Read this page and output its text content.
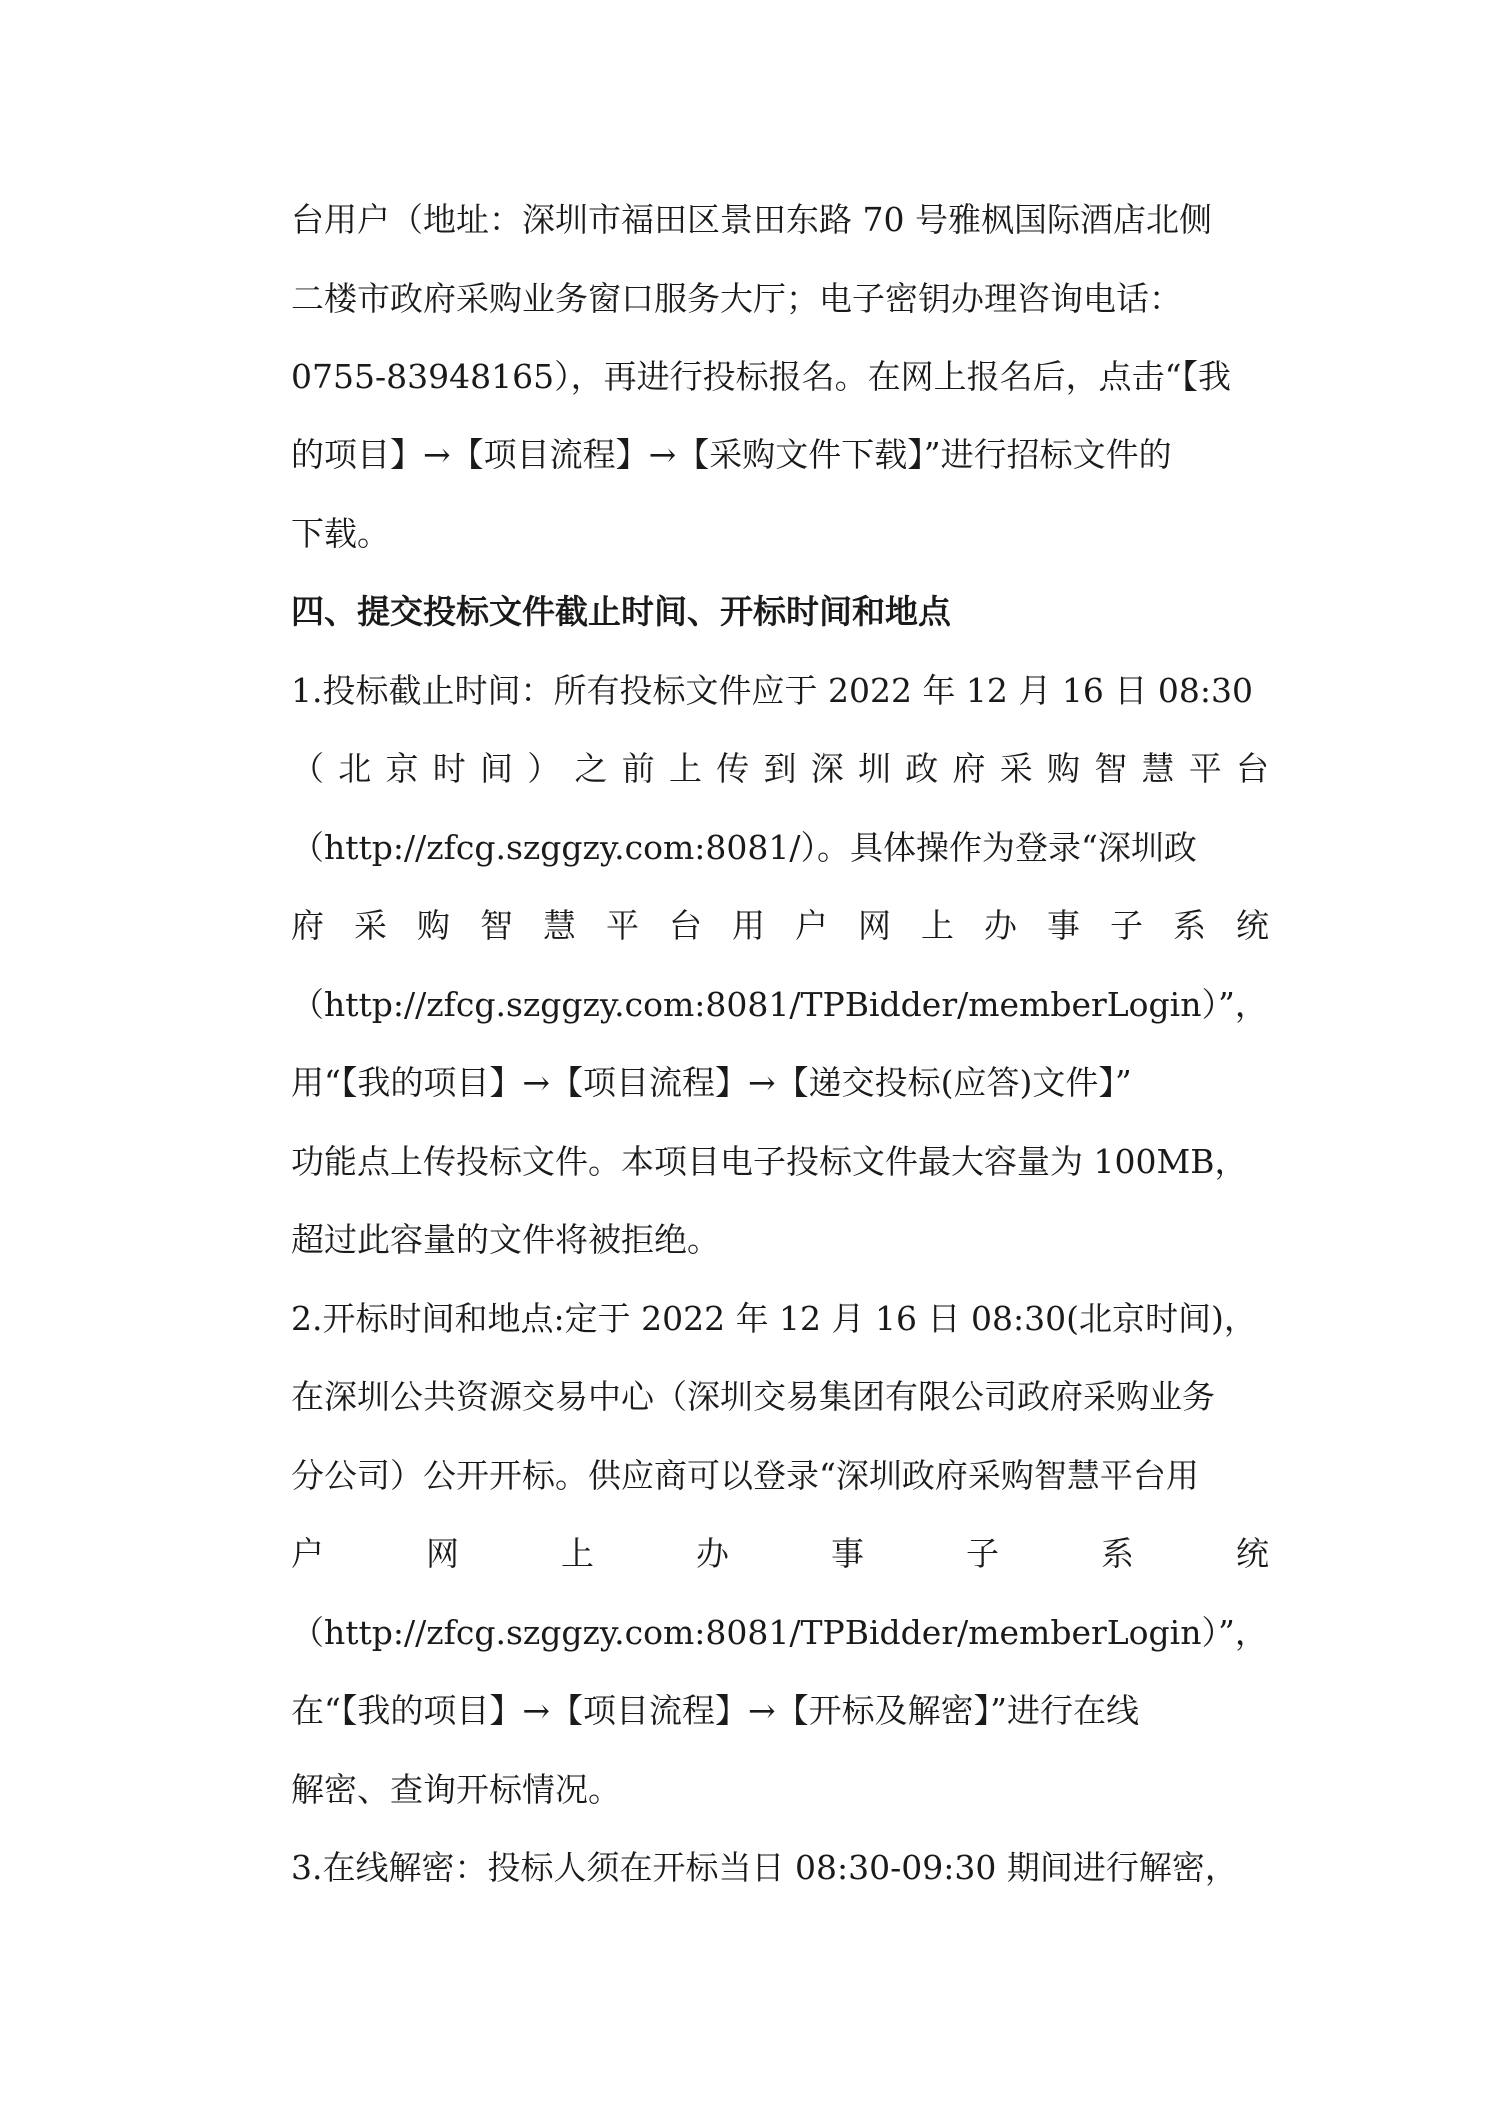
台用户（地址：深圳市福田区景田东路 70 号雅枫国际酒店北侧
二楼市政府采购业务窗口服务大厅；电子密钥办理咨询电话：
0755-83948165），再进行投标报名。在网上报名后，点击“【我
的项目】→【项目流程】→【采购文件下载】”进行招标文件的
下载。
四、提交投标文件截止时间、开标时间和地点
1.投标截止时间：所有投标文件应于 2022 年 12 月 16 日 08:30
（北京时间）之前上传到深圳政府采购智慧平台
（http://zfcg.szggzy.com:8081/）。具体操作为登录“深圳政
府采购智慧平台用户网上办事子系统
（http://zfcg.szggzy.com:8081/TPBidder/memberLogin）”，
用“【我的项目】→【项目流程】→【递交投标(应答)文件】”
功能点上传投标文件。本项目电子投标文件最大容量为 100MB，
超过此容量的文件将被拒绝。
2.开标时间和地点:定于 2022 年 12 月 16 日 08:30(北京时间)，
在深圳公共资源交易中心（深圳交易集团有限公司政府采购业务
分公司）公开开标。供应商可以登录“深圳政府采购智慧平台用
户网上办事子系统
（http://zfcg.szggzy.com:8081/TPBidder/memberLogin）”，
在“【我的项目】→【项目流程】→【开标及解密】”进行在线
解密、查询开标情况。
3.在线解密：投标人须在开标当日 08:30-09:30 期间进行解密，
